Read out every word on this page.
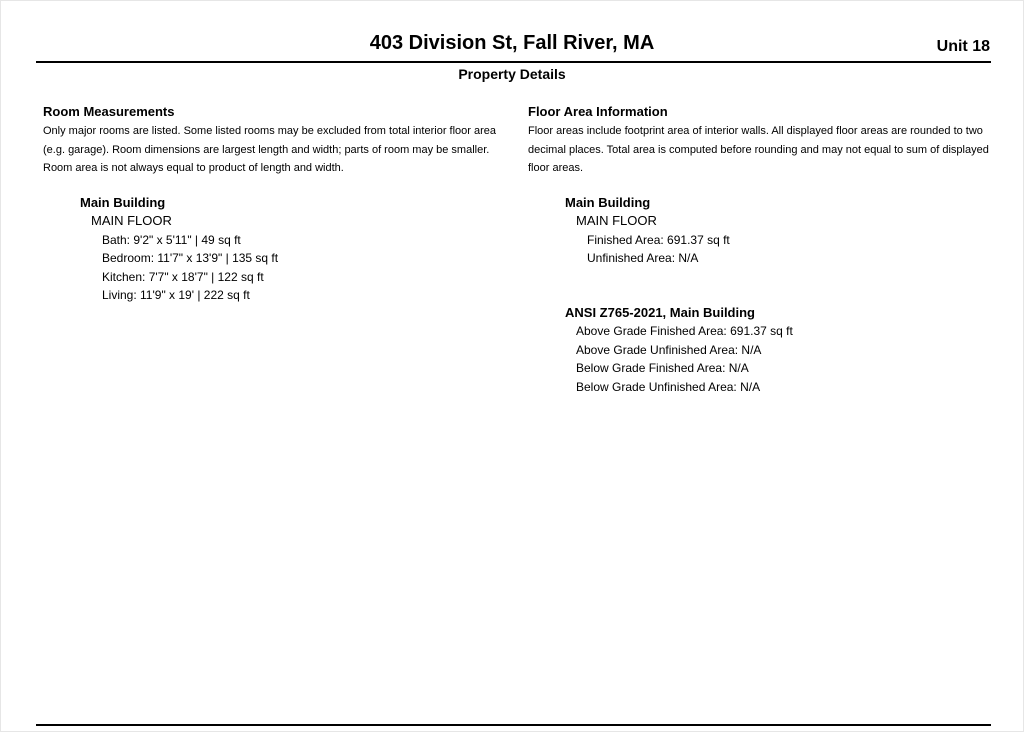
403 Division St, Fall River, MA	Unit 18
Property Details
Room Measurements

Only major rooms are listed. Some listed rooms may be excluded from total interior floor area
(e.g. garage). Room dimensions are largest length and width; parts of room may be smaller.
Room area is not always equal to product of length and width.

Main Building
MAIN FLOOR
Bath: 9'2" x 5'11" | 49 sq ft
Bedroom: 11'7" x 13'9" | 135 sq ft
Kitchen: 7'7" x 18'7" | 122 sq ft
Living: 11'9" x 19' | 222 sq ft
Floor Area Information

Floor areas include footprint area of interior walls. All displayed floor areas are rounded to two
decimal places. Total area is computed before rounding and may not equal to sum of displayed
floor areas.

Main Building
MAIN FLOOR
Finished Area: 691.37 sq ft
Unfinished Area: N/A
ANSI Z765-2021, Main Building
Above Grade Finished Area: 691.37 sq ft
Above Grade Unfinished Area: N/A
Below Grade Finished Area: N/A
Below Grade Unfinished Area: N/A
